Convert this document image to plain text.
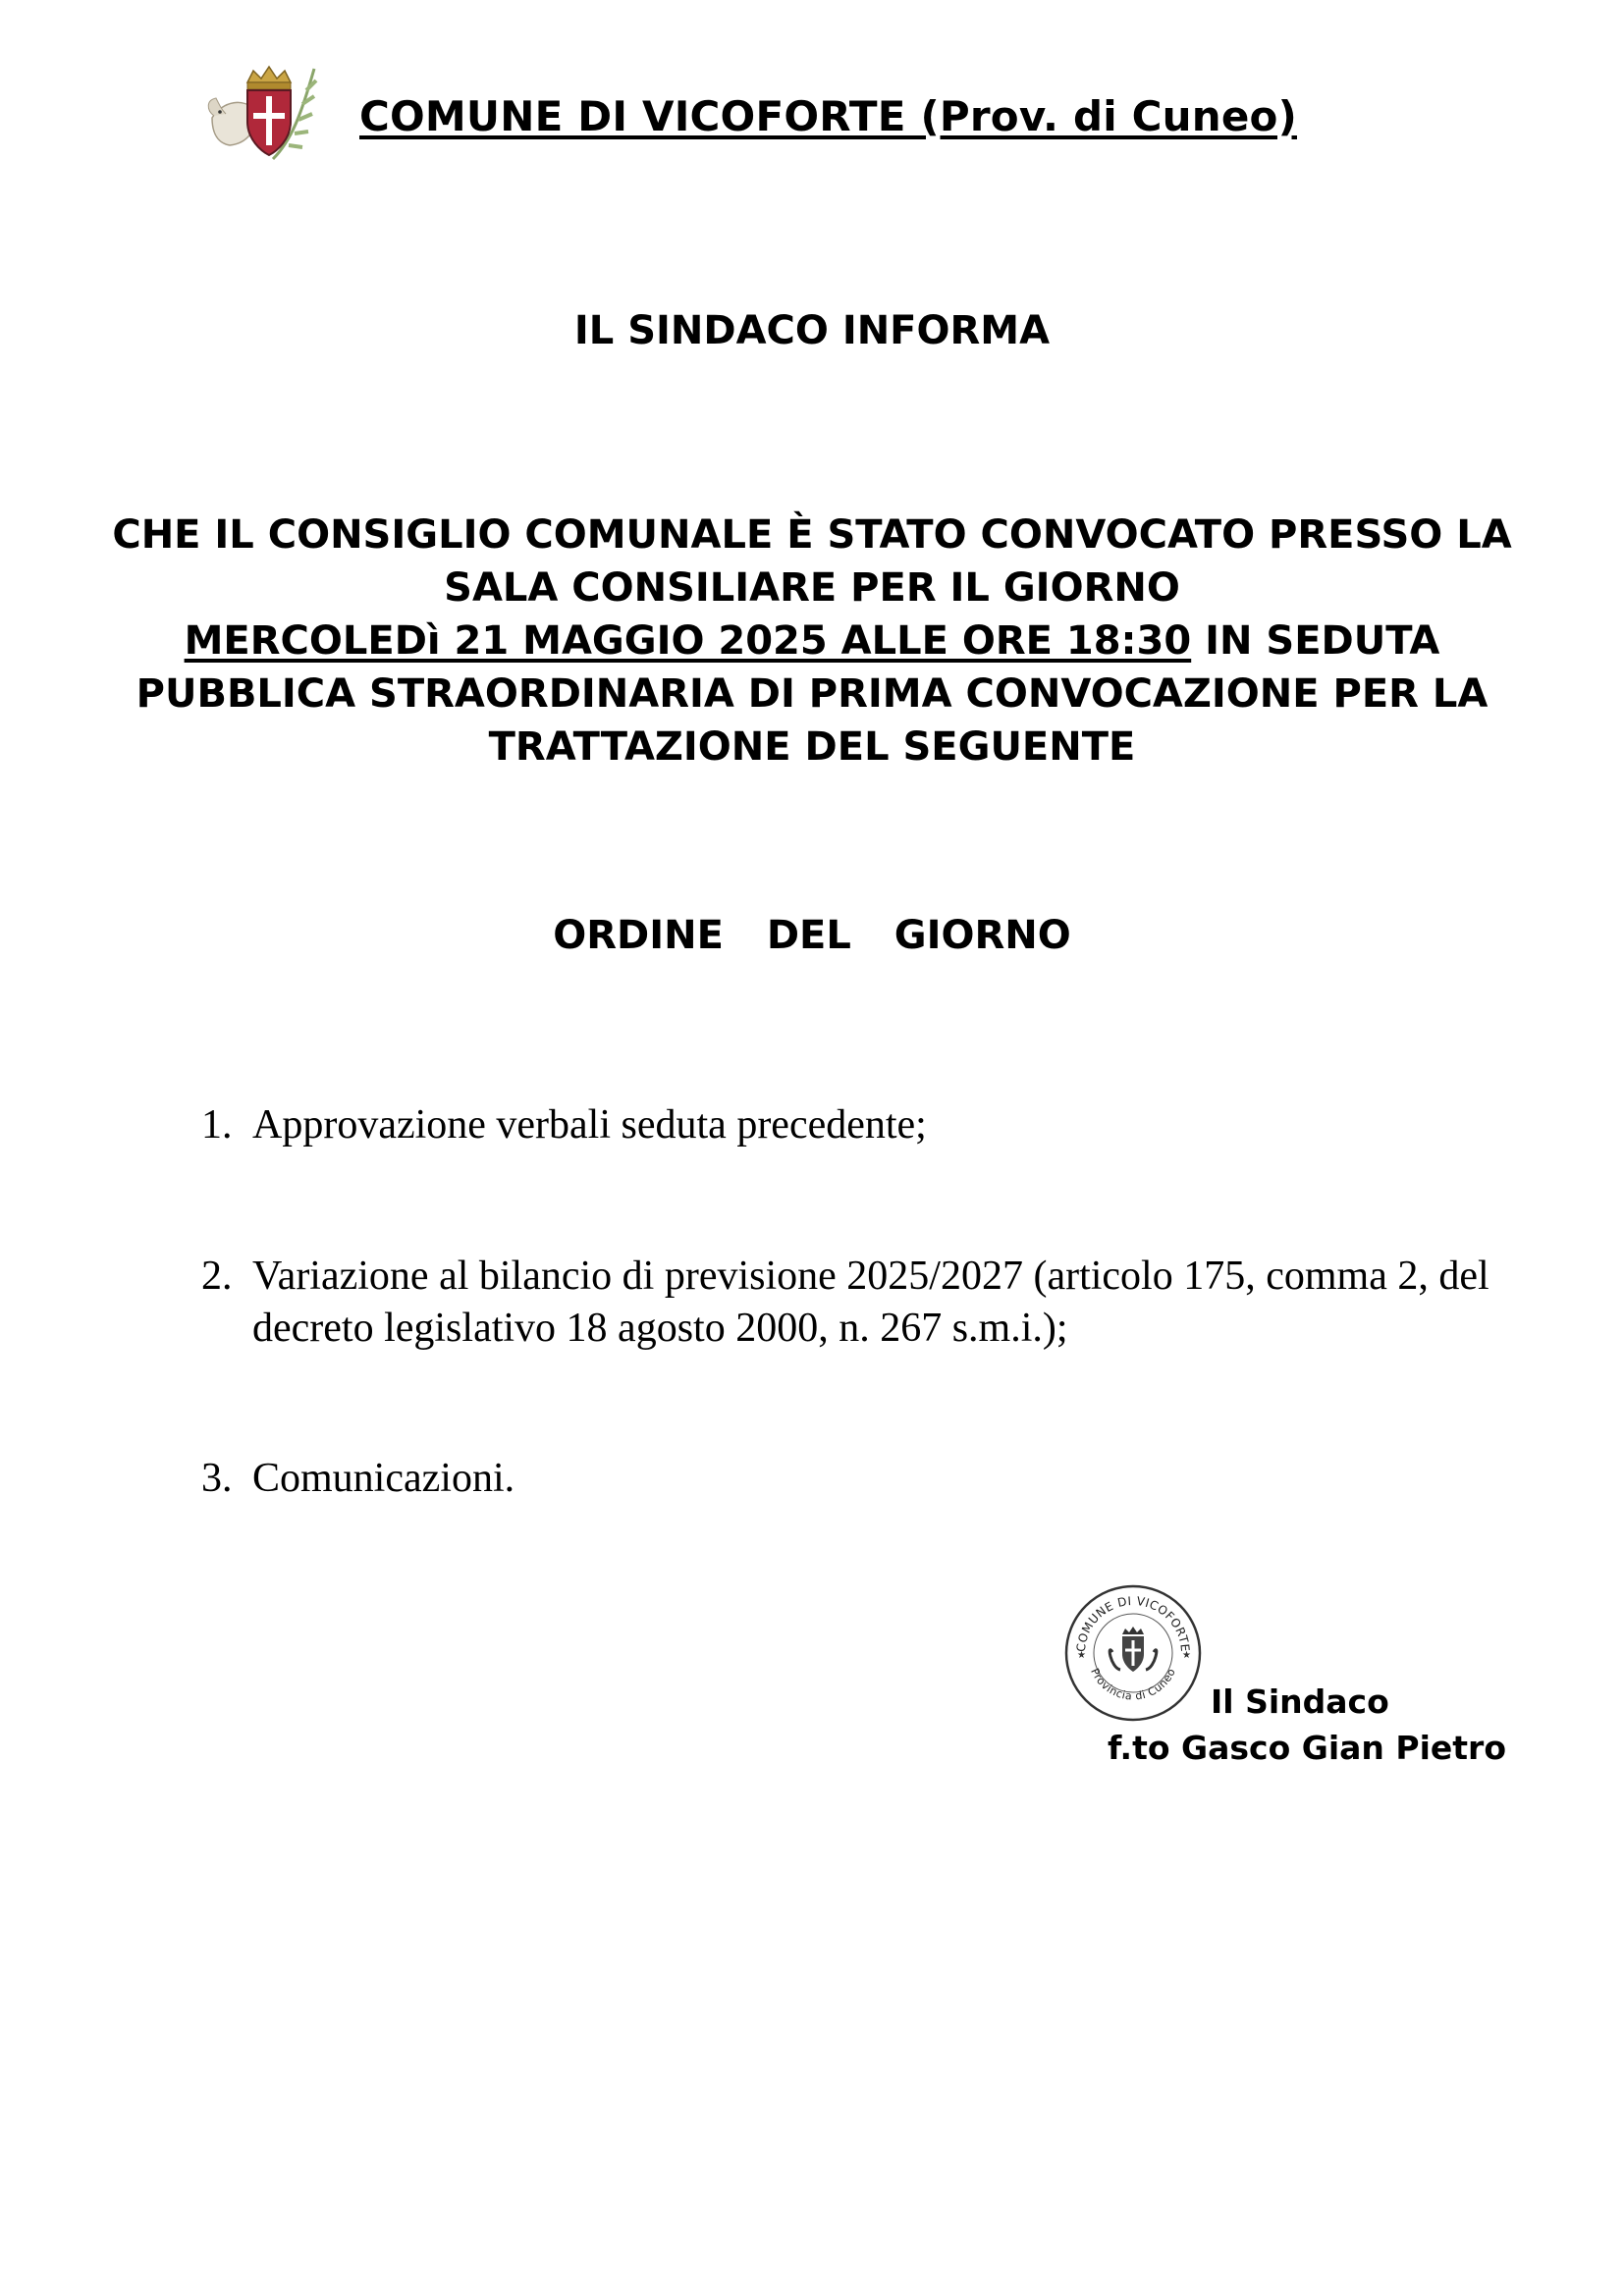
COMUNE DI VICOFORTE (Prov. di Cuneo)
IL SINDACO INFORMA
CHE IL CONSIGLIO COMUNALE È STATO CONVOCATO PRESSO LA
SALA CONSILIARE PER IL GIORNO
MERCOLEDì 21 MAGGIO 2025 ALLE ORE 18:30 IN SEDUTA
PUBBLICA STRAORDINARIA DI PRIMA CONVOCAZIONE PER LA
TRATTAZIONE DEL SEGUENTE
ORDINE DEL GIORNO
1. Approvazione verbali seduta precedente;
2. Variazione al bilancio di previsione 2025/2027 (articolo 175, comma 2, del decreto legislativo 18 agosto 2000, n. 267 s.m.i.);
3. Comunicazioni.
COMUNE DI VICOFORTE
Provincia di Cuneo
★	★
Il Sindaco
f.to Gasco Gian Pietro
